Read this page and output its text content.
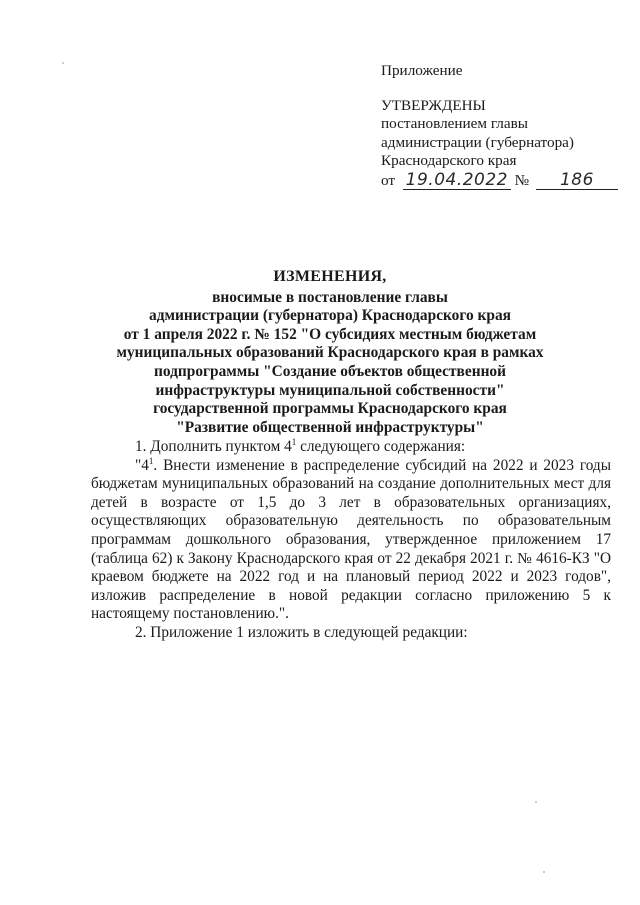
Приложение
УТВЕРЖДЕНЫ
постановлением главы
администрации (губернатора)
Краснодарского края
от 19.04.2022 № 186
ИЗМЕНЕНИЯ,
вносимые в постановление главы
администрации (губернатора) Краснодарского края
от 1 апреля 2022 г. № 152 "О субсидиях местным бюджетам
муниципальных образований Краснодарского края в рамках
подпрограммы "Создание объектов общественной
инфраструктуры муниципальной собственности"
государственной программы Краснодарского края
"Развитие общественной инфраструктуры"
1. Дополнить пунктом $4^1$ следующего содержания:
"$4^1$. Внести изменение в распределение субсидий на 2022 и 2023 годы бюджетам муниципальных образований на создание дополнительных мест для детей в возрасте от 1,5 до 3 лет в образовательных организациях, осуществляющих образовательную деятельность по образовательным программам дошкольного образования, утвержденное приложением 17 (таблица 62) к Закону Краснодарского края от 22 декабря 2021 г. № 4616-КЗ "О краевом бюджете на 2022 год и на плановый период 2022 и 2023 годов", изложив распределение в новой редакции согласно приложению 5 к настоящему постановлению.".
2. Приложение 1 изложить в следующей редакции:
